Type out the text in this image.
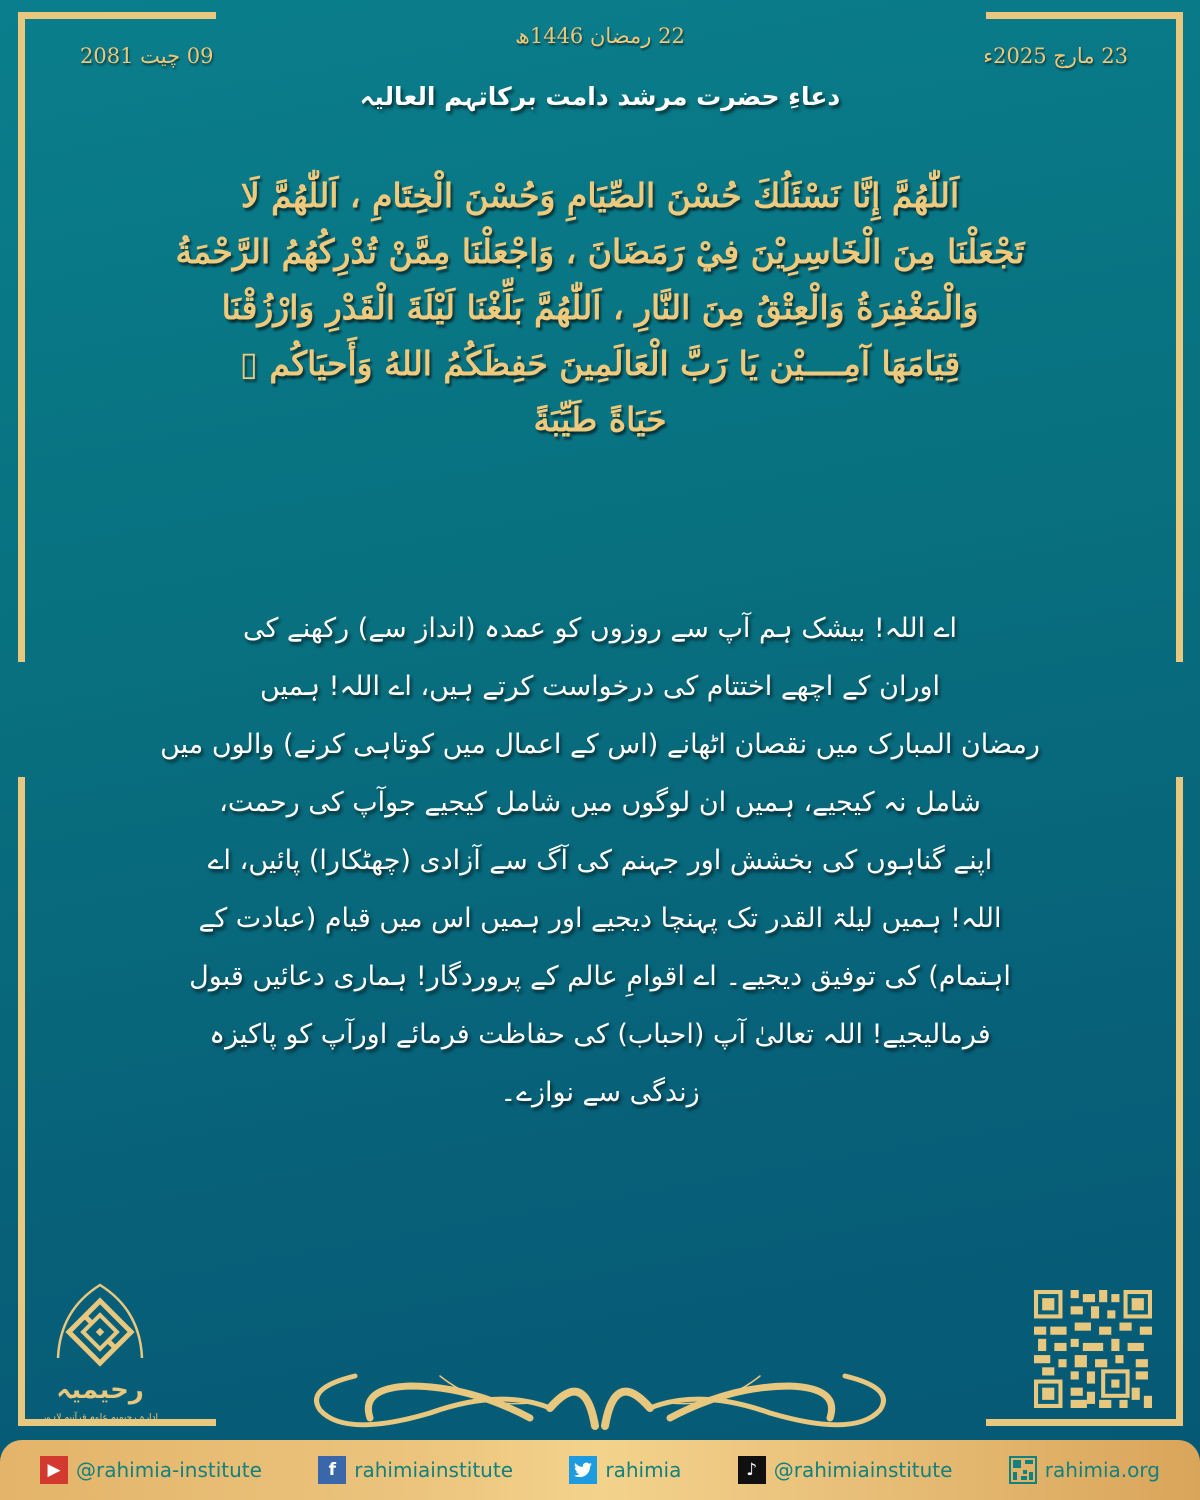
09 چیت 2081
22 رمضان 1446ھ
23 مارچ 2025ء
دعاءِ حضرت مرشد دامت برکاتہم العالیہ
اَللّٰهُمَّ إِنَّا نَسْئَلُكَ حُسْنَ الصِّيَامِ وَحُسْنَ الْخِتَامِ ، اَللّٰهُمَّ لَا
تَجْعَلْنَا مِنَ الْخَاسِرِيْنَ فِيْ رَمَضَانَ ، وَاجْعَلْنَا مِمَّنْ تُدْرِكُهُمُ الرَّحْمَةُ
وَالْمَغْفِرَةُ وَالْعِتْقُ مِنَ النَّارِ ، اَللّٰهُمَّ بَلِّغْنَا لَيْلَةَ الْقَدْرِ وَارْزُقْنَا
قِيَامَهَا آمِــــيْن يَا رَبَّ الْعَالَمِينَ حَفِظَكُمُ اللهُ وَأَحيَاكُم ▯
حَيَاةً طَيِّبَةً
اے اللہ! بیشک ہم آپ سے روزوں کو عمدہ (انداز سے) رکھنے کی
اوران کے اچھے اختتام کی درخواست کرتے ہیں، اے اللہ! ہمیں
رمضان المبارک میں نقصان اٹھانے (اس کے اعمال میں کوتاہی کرنے) والوں میں
شامل نہ کیجیے، ہمیں ان لوگوں میں شامل کیجیے جوآپ کی رحمت،
اپنے گناہوں کی بخشش اور جہنم کی آگ سے آزادی (چھٹکارا) پائیں، اے
اللہ! ہمیں لیلۃ القدر تک پہنچا دیجیے اور ہمیں اس میں قیام (عبادت کے
اہتمام) کی توفیق دیجیے۔ اے اقوامِ عالم کے پروردگار! ہماری دعائیں قبول
فرمالیجیے! اللہ تعالیٰ آپ (احباب) کی حفاظت فرمائے اورآپ کو پاکیزہ
زندگی سے نوازے۔
رحیمیہ
ادارہ رحیمیہ علوم قرآنیہ لاہور
▶ @rahimia-institute	f rahimiainstitute	rahimia	♪ @rahimiainstitute	rahimia.org
